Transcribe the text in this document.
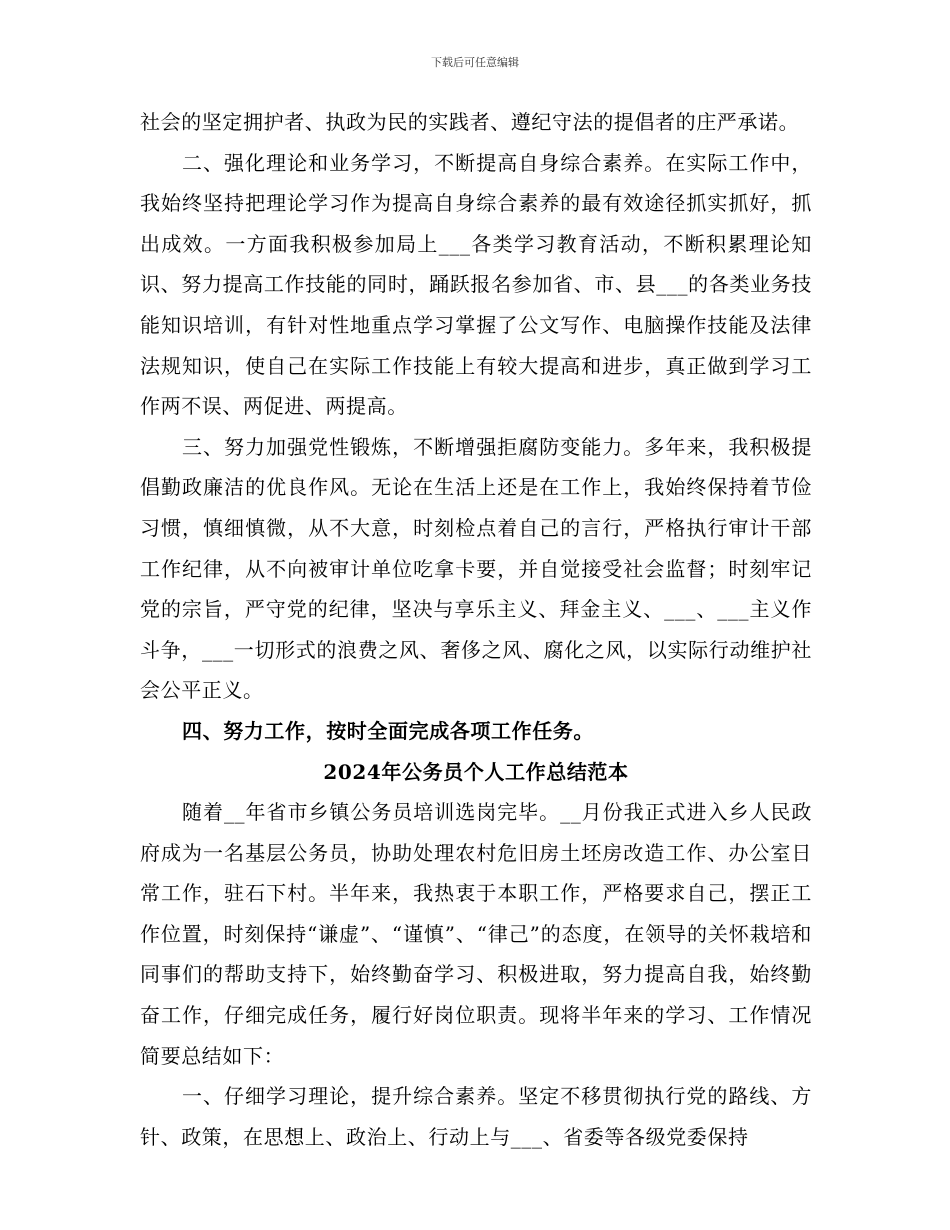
下载后可任意编辑

社会的坚定拥护者、执政为民的实践者、遵纪守法的提倡者的庄严承诺。

二、强化理论和业务学习，不断提高自身综合素养。在实际工作中，我始终坚持把理论学习作为提高自身综合素养的最有效途径抓实抓好，抓出成效。一方面我积极参加局上___各类学习教育活动，不断积累理论知识、努力提高工作技能的同时，踊跃报名参加省、市、县___的各类业务技能知识培训，有针对性地重点学习掌握了公文写作、电脑操作技能及法律法规知识，使自己在实际工作技能上有较大提高和进步，真正做到学习工作两不误、两促进、两提高。

三、努力加强党性锻炼，不断增强拒腐防变能力。多年来，我积极提倡勤政廉洁的优良作风。无论在生活上还是在工作上，我始终保持着节俭习惯，慎细慎微，从不大意，时刻检点着自己的言行，严格执行审计干部工作纪律，从不向被审计单位吃拿卡要，并自觉接受社会监督；时刻牢记党的宗旨，严守党的纪律，坚决与享乐主义、拜金主义、___、___主义作斗争，___一切形式的浪费之风、奢侈之风、腐化之风，以实际行动维护社会公平正义。

四、努力工作，按时全面完成各项工作任务。

2024年公务员个人工作总结范本

随着__年省市乡镇公务员培训选岗完毕。__月份我正式进入乡人民政府成为一名基层公务员，协助处理农村危旧房土坯房改造工作、办公室日常工作，驻石下村。半年来，我热衷于本职工作，严格要求自己，摆正工作位置，时刻保持“谦虚”、“谨慎”、“律己”的态度，在领导的关怀栽培和同事们的帮助支持下，始终勤奋学习、积极进取，努力提高自我，始终勤奋工作，仔细完成任务，履行好岗位职责。现将半年来的学习、工作情况简要总结如下：

一、仔细学习理论，提升综合素养。坚定不移贯彻执行党的路线、方针、政策，在思想上、政治上、行动上与___、省委等各级党委保持
